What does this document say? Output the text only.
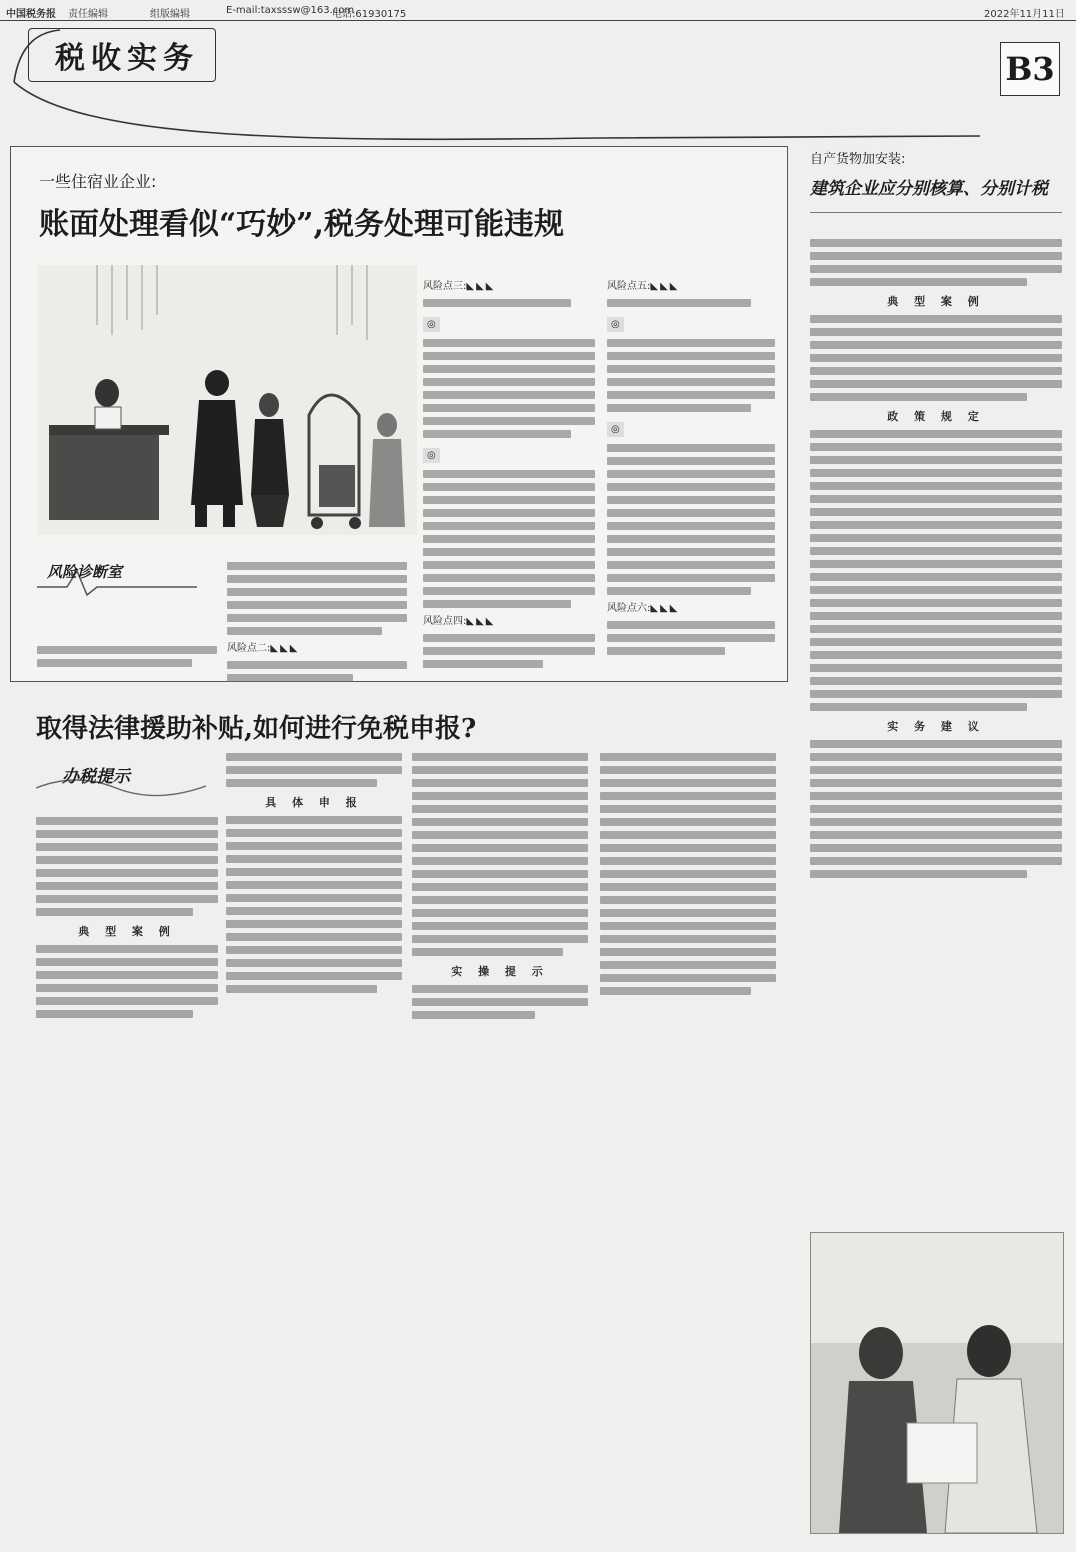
中国税务报 责任编辑	组版编辑	E-mail:taxsssw@163.com
电话:61930175	2022年11月11日
税收实务	B3
一些住宿业企业:
账面处理看似“巧妙”,税务处理可能违规
风险诊断室
风险点二:◣◣◣
风险点三:◣◣◣
◎
◎
风险点四:◣◣◣
风险点五:◣◣◣
◎
◎
风险点六:◣◣◣
取得法律援助补贴,如何进行免税申报?
办税提示
典 型 案 例
具 体 申 报
实 操 提 示
自产货物加安装:
建筑企业应分别核算、分别计税
典 型 案 例
政 策 规 定
实 务 建 议
